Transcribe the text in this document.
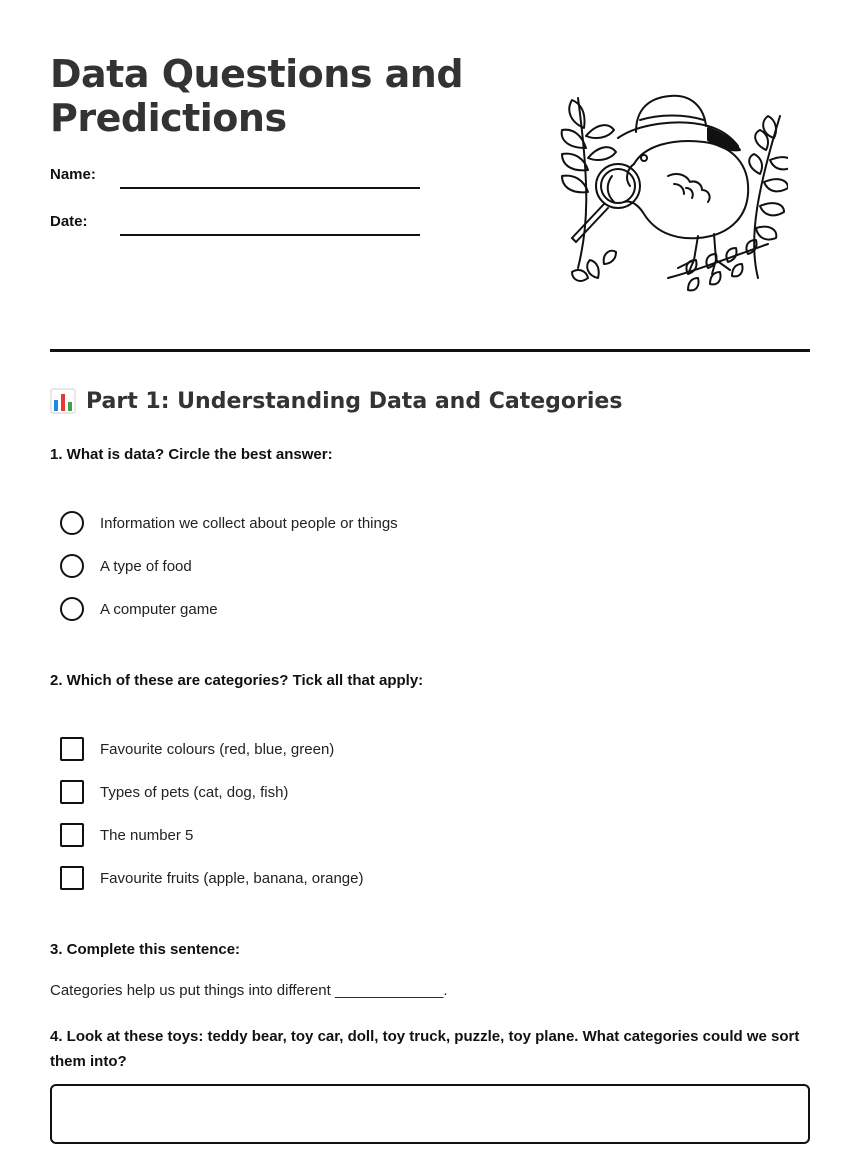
Data Questions and Predictions
Name:
Date:
Part 1: Understanding Data and Categories

1. What is data? Circle the best answer:

Information we collect about people or things
A type of food
A computer game

2. Which of these are categories? Tick all that apply:

Favourite colours (red, blue, green)
Types of pets (cat, dog, fish)
The number 5
Favourite fruits (apple, banana, orange)

3. Complete this sentence:

Categories help us put things into different _____________.

4. Look at these toys: teddy bear, toy car, doll, toy truck, puzzle, toy plane. What categories could we sort them into?
